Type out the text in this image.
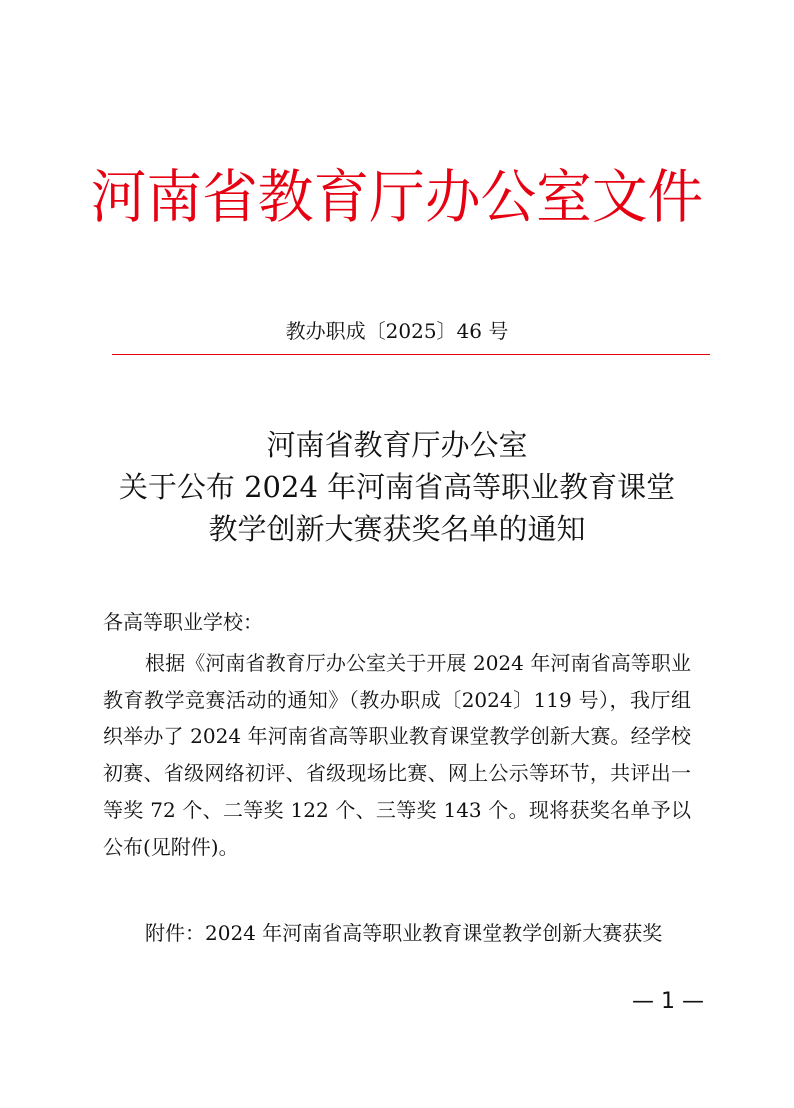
河南省教育厅办公室文件
教办职成〔2025〕46 号
河南省教育厅办公室
关于公布 2024 年河南省高等职业教育课堂
教学创新大赛获奖名单的通知
各高等职业学校：

根据《河南省教育厅办公室关于开展 2024 年河南省高等职业教育教学竞赛活动的通知》（教办职成〔2024〕119 号），我厅组织举办了 2024 年河南省高等职业教育课堂教学创新大赛。经学校初赛、省级网络初评、省级现场比赛、网上公示等环节，共评出一等奖 72 个、二等奖 122 个、三等奖 143 个。现将获奖名单予以公布(见附件)。

附件：2024 年河南省高等职业教育课堂教学创新大赛获奖
— 1 —
